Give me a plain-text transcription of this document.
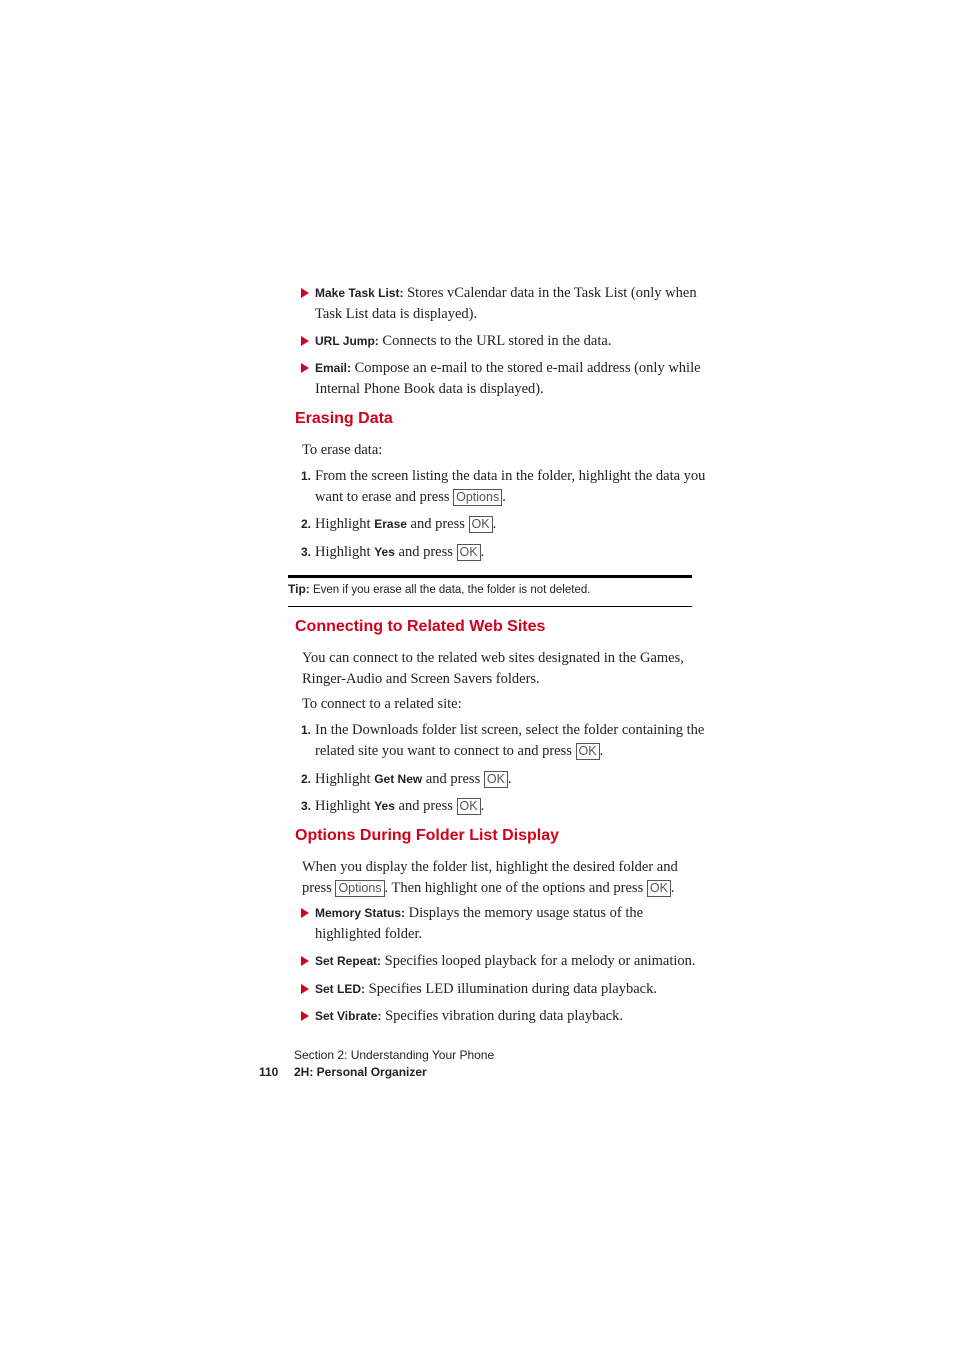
Make Task List: Stores vCalendar data in the Task List (only when Task List data is displayed).
URL Jump: Connects to the URL stored in the data.
Email: Compose an e-mail to the stored e-mail address (only while Internal Phone Book data is displayed).
Erasing Data
To erase data:
1. From the screen listing the data in the folder, highlight the data you want to erase and press Options .
2. Highlight Erase and press OK .
3. Highlight Yes and press OK .
Tip: Even if you erase all the data, the folder is not deleted.
Connecting to Related Web Sites
You can connect to the related web sites designated in the Games, Ringer-Audio and Screen Savers folders.
To connect to a related site:
1. In the Downloads folder list screen, select the folder containing the related site you want to connect to and press OK .
2. Highlight Get New and press OK .
3. Highlight Yes and press OK .
Options During Folder List Display
When you display the folder list, highlight the desired folder and press Options . Then highlight one of the options and press OK .
Memory Status: Displays the memory usage status of the highlighted folder.
Set Repeat: Specifies looped playback for a melody or animation.
Set LED: Specifies LED illumination during data playback.
Set Vibrate: Specifies vibration during data playback.
Section 2: Understanding Your Phone
110 2H: Personal Organizer
